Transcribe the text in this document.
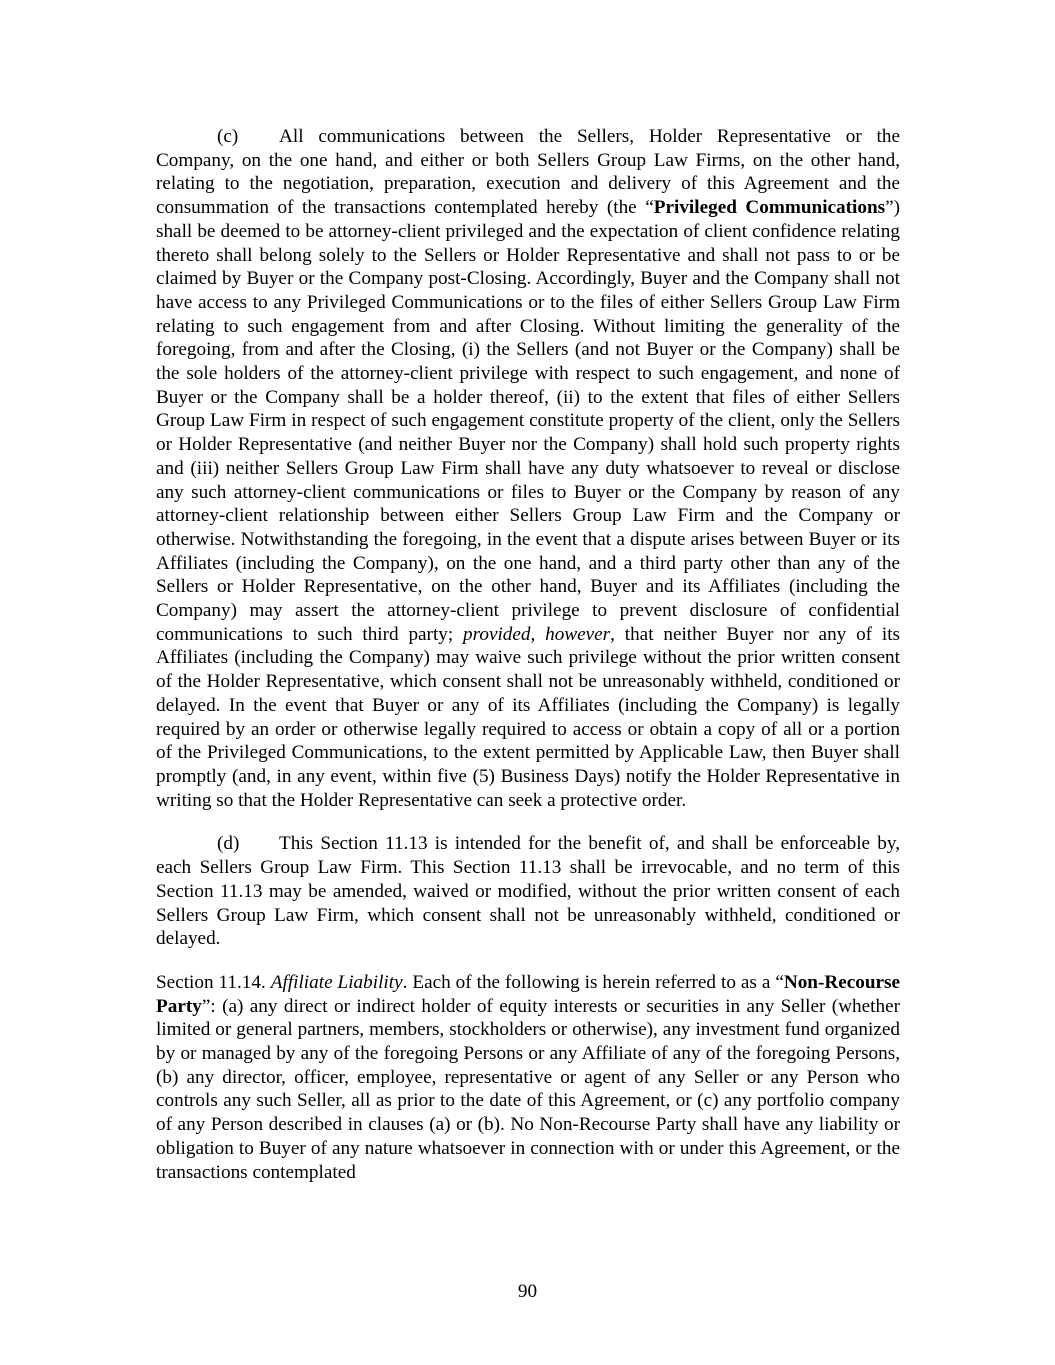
(c) All communications between the Sellers, Holder Representative or the Company, on the one hand, and either or both Sellers Group Law Firms, on the other hand, relating to the negotiation, preparation, execution and delivery of this Agreement and the consummation of the transactions contemplated hereby (the “Privileged Communications”) shall be deemed to be attorney-client privileged and the expectation of client confidence relating thereto shall belong solely to the Sellers or Holder Representative and shall not pass to or be claimed by Buyer or the Company post-Closing. Accordingly, Buyer and the Company shall not have access to any Privileged Communications or to the files of either Sellers Group Law Firm relating to such engagement from and after Closing. Without limiting the generality of the foregoing, from and after the Closing, (i) the Sellers (and not Buyer or the Company) shall be the sole holders of the attorney-client privilege with respect to such engagement, and none of Buyer or the Company shall be a holder thereof, (ii) to the extent that files of either Sellers Group Law Firm in respect of such engagement constitute property of the client, only the Sellers or Holder Representative (and neither Buyer nor the Company) shall hold such property rights and (iii) neither Sellers Group Law Firm shall have any duty whatsoever to reveal or disclose any such attorney-client communications or files to Buyer or the Company by reason of any attorney-client relationship between either Sellers Group Law Firm and the Company or otherwise. Notwithstanding the foregoing, in the event that a dispute arises between Buyer or its Affiliates (including the Company), on the one hand, and a third party other than any of the Sellers or Holder Representative, on the other hand, Buyer and its Affiliates (including the Company) may assert the attorney-client privilege to prevent disclosure of confidential communications to such third party; provided, however, that neither Buyer nor any of its Affiliates (including the Company) may waive such privilege without the prior written consent of the Holder Representative, which consent shall not be unreasonably withheld, conditioned or delayed. In the event that Buyer or any of its Affiliates (including the Company) is legally required by an order or otherwise legally required to access or obtain a copy of all or a portion of the Privileged Communications, to the extent permitted by Applicable Law, then Buyer shall promptly (and, in any event, within five (5) Business Days) notify the Holder Representative in writing so that the Holder Representative can seek a protective order.

(d) This Section 11.13 is intended for the benefit of, and shall be enforceable by, each Sellers Group Law Firm. This Section 11.13 shall be irrevocable, and no term of this Section 11.13 may be amended, waived or modified, without the prior written consent of each Sellers Group Law Firm, which consent shall not be unreasonably withheld, conditioned or delayed.

Section 11.14. Affiliate Liability. Each of the following is herein referred to as a “Non-Recourse Party”: (a) any direct or indirect holder of equity interests or securities in any Seller (whether limited or general partners, members, stockholders or otherwise), any investment fund organized by or managed by any of the foregoing Persons or any Affiliate of any of the foregoing Persons, (b) any director, officer, employee, representative or agent of any Seller or any Person who controls any such Seller, all as prior to the date of this Agreement, or (c) any portfolio company of any Person described in clauses (a) or (b). No Non-Recourse Party shall have any liability or obligation to Buyer of any nature whatsoever in connection with or under this Agreement, or the transactions contemplated

90
